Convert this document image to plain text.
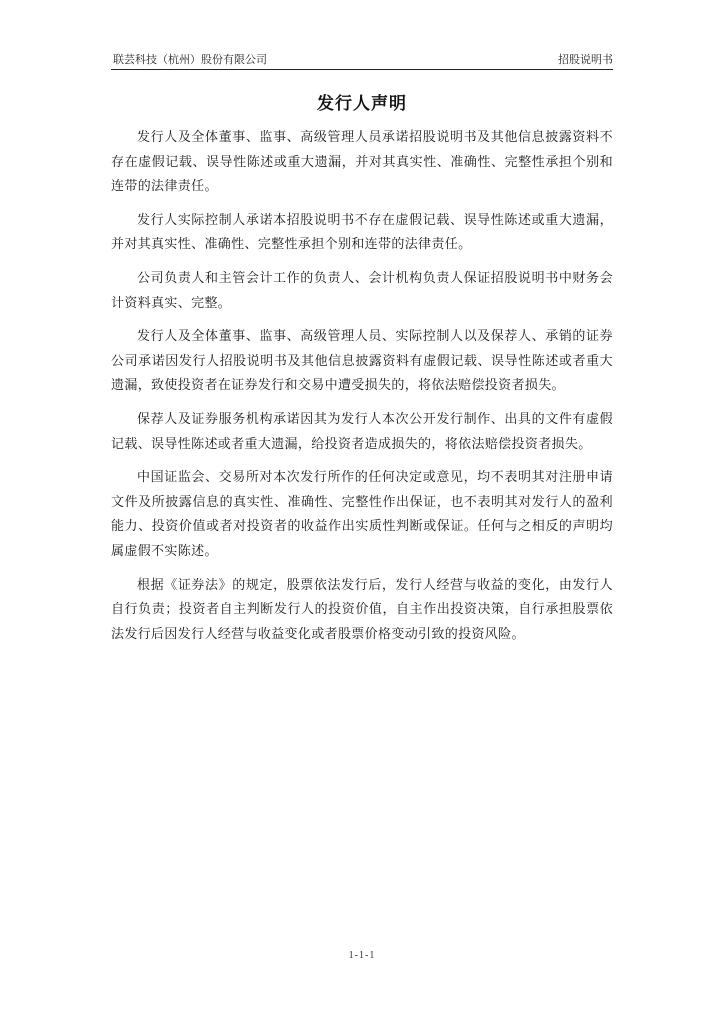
联芸科技（杭州）股份有限公司	招股说明书
发行人声明

发行人及全体董事、监事、高级管理人员承诺招股说明书及其他信息披露资料不存在虚假记载、误导性陈述或重大遗漏，并对其真实性、准确性、完整性承担个别和连带的法律责任。

发行人实际控制人承诺本招股说明书不存在虚假记载、误导性陈述或重大遗漏，并对其真实性、准确性、完整性承担个别和连带的法律责任。

公司负责人和主管会计工作的负责人、会计机构负责人保证招股说明书中财务会计资料真实、完整。

发行人及全体董事、监事、高级管理人员、实际控制人以及保荐人、承销的证券公司承诺因发行人招股说明书及其他信息披露资料有虚假记载、误导性陈述或者重大遗漏，致使投资者在证券发行和交易中遭受损失的，将依法赔偿投资者损失。

保荐人及证券服务机构承诺因其为发行人本次公开发行制作、出具的文件有虚假记载、误导性陈述或者重大遗漏，给投资者造成损失的，将依法赔偿投资者损失。

中国证监会、交易所对本次发行所作的任何决定或意见，均不表明其对注册申请文件及所披露信息的真实性、准确性、完整性作出保证，也不表明其对发行人的盈利能力、投资价值或者对投资者的收益作出实质性判断或保证。任何与之相反的声明均属虚假不实陈述。

根据《证券法》的规定，股票依法发行后，发行人经营与收益的变化，由发行人自行负责；投资者自主判断发行人的投资价值，自主作出投资决策，自行承担股票依法发行后因发行人经营与收益变化或者股票价格变动引致的投资风险。

1-1-1
